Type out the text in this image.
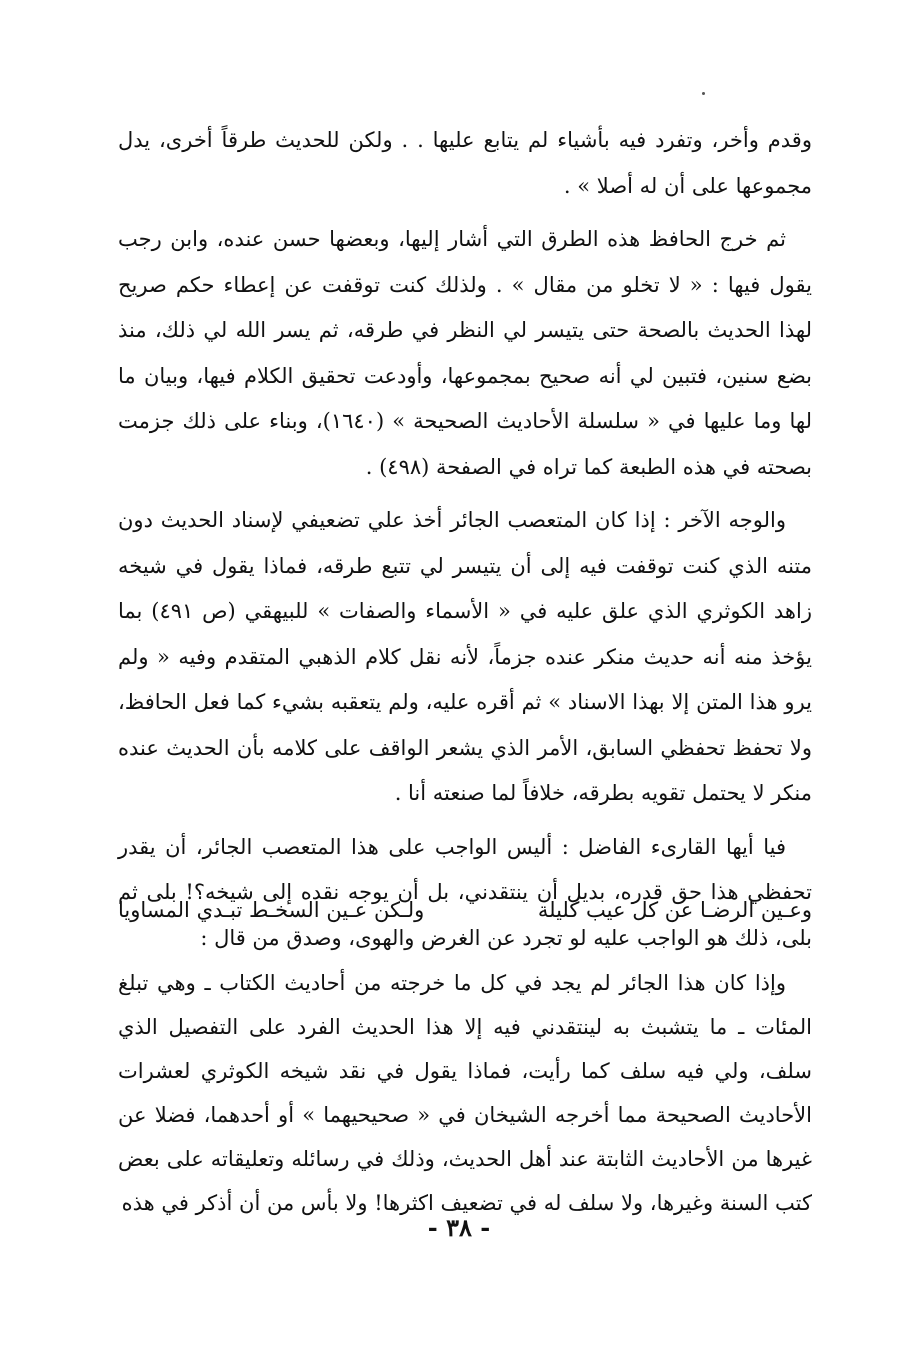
وقدم وأخر، وتفرد فيه بأشياء لم يتابع عليها . . ولكن للحديث طرقاً أخرى، يدل مجموعها على أن له أصلا » .

ثم خرج الحافظ هذه الطرق التي أشار إليها، وبعضها حسن عنده، وابن رجب يقول فيها : « لا تخلو من مقال » . ولذلك كنت توقفت عن إعطاء حكم صريح لهذا الحديث بالصحة حتى يتيسر لي النظر في طرقه، ثم يسر الله لي ذلك، منذ بضع سنين، فتبين لي أنه صحيح بمجموعها، وأودعت تحقيق الكلام فيها، وبيان ما لها وما عليها في « سلسلة الأحاديث الصحيحة » (١٦٤٠)، وبناء على ذلك جزمت بصحته في هذه الطبعة كما تراه في الصفحة (٤٩٨) .

والوجه الآخر : إذا كان المتعصب الجائر أخذ علي تضعيفي لإسناد الحديث دون متنه الذي كنت توقفت فيه إلى أن يتيسر لي تتبع طرقه، فماذا يقول في شيخه زاهد الكوثري الذي علق عليه في « الأسماء والصفات » للبيهقي (ص ٤٩١) بما يؤخذ منه أنه حديث منكر عنده جزماً، لأنه نقل كلام الذهبي المتقدم وفيه « ولم يرو هذا المتن إلا بهذا الاسناد » ثم أقره عليه، ولم يتعقبه بشيء كما فعل الحافظ، ولا تحفظ تحفظي السابق، الأمر الذي يشعر الواقف على كلامه بأن الحديث عنده منكر لا يحتمل تقويه بطرقه، خلافاً لما صنعته أنا .

فيا أيها القارىء الفاضل : أليس الواجب على هذا المتعصب الجائر، أن يقدر تحفظي هذا حق قدره، بديل أن ينتقدني، بل أن يوجه نقده إلى شيخه؟! بلى ثم بلى، ذلك هو الواجب عليه لو تجرد عن الغرض والهوى، وصدق من قال :

وعـين الرضـا عن كل عيب كليلة
ولـكن عـين السخـط تبـدي المساويا

وإذا كان هذا الجائر لم يجد في كل ما خرجته من أحاديث الكتاب ـ وهي تبلغ المئات ـ ما يتشبث به لينتقدني فيه إلا هذا الحديث الفرد على التفصيل الذي سلف، ولي فيه سلف كما رأيت، فماذا يقول في نقد شيخه الكوثري لعشرات الأحاديث الصحيحة مما أخرجه الشيخان في « صحيحيهما » أو أحدهما، فضلا عن غيرها من الأحاديث الثابتة عند أهل الحديث، وذلك في رسائله وتعليقاته على بعض كتب السنة وغيرها، ولا سلف له في تضعيف اكثرها! ولا بأس من أن أذكر في هذه

- ٣٨ -
